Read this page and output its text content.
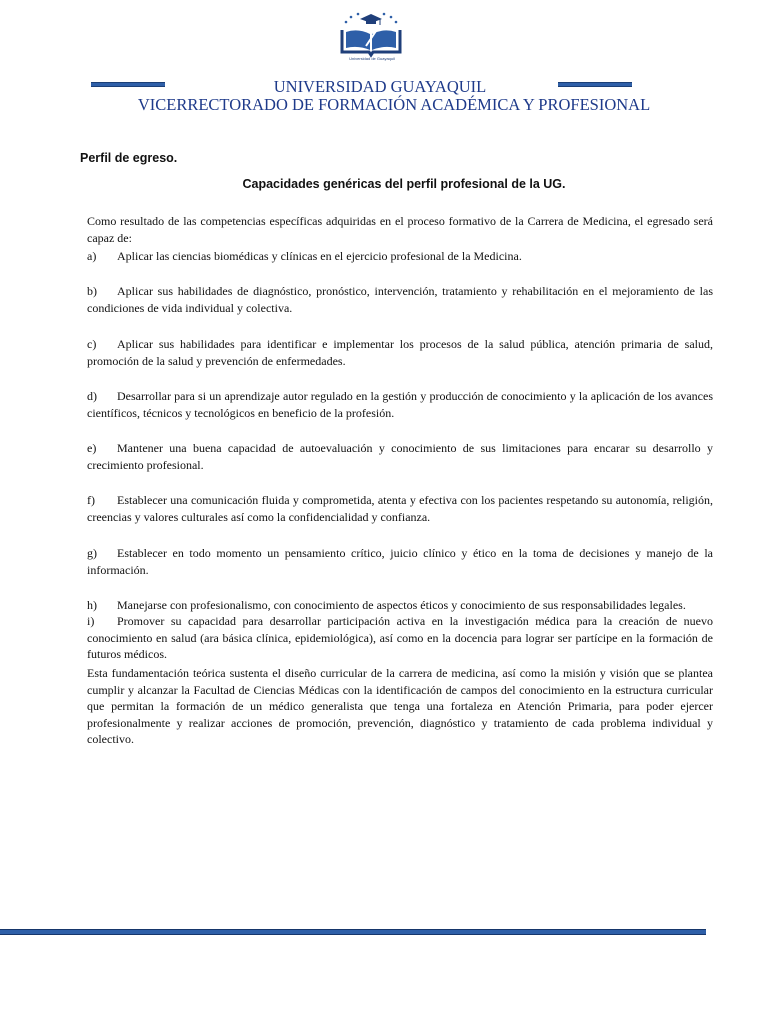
Universidad de Guayaquil
UNIVERSIDAD GUAYAQUIL
VICERRECTORADO DE FORMACIÓN ACADÉMICA Y PROFESIONAL
Perfil de egreso.
Capacidades genéricas del perfil profesional de la UG.
Como resultado de las competencias específicas adquiridas en el proceso formativo de la Carrera de Medicina, el egresado será capaz de:
a) Aplicar las ciencias biomédicas y clínicas en el ejercicio profesional de la Medicina.
b) Aplicar sus habilidades de diagnóstico, pronóstico, intervención, tratamiento y rehabilitación en el mejoramiento de las condiciones de vida individual y colectiva.
c) Aplicar sus habilidades para identificar e implementar los procesos de la salud pública, atención primaria de salud, promoción de la salud y prevención de enfermedades.
d) Desarrollar para si un aprendizaje autor regulado en la gestión y producción de conocimiento y la aplicación de los avances científicos, técnicos y tecnológicos en beneficio de la profesión.
e) Mantener una buena capacidad de autoevaluación y conocimiento de sus limitaciones para encarar su desarrollo y crecimiento profesional.
f) Establecer una comunicación fluida y comprometida, atenta y efectiva con los pacientes respetando su autonomía, religión, creencias y valores culturales así como la confidencialidad y confianza.
g) Establecer en todo momento un pensamiento crítico, juicio clínico y ético en la toma de decisiones y manejo de la información.
h) Manejarse con profesionalismo, con conocimiento de aspectos éticos y conocimiento de sus responsabilidades legales.
i) Promover su capacidad para desarrollar participación activa en la investigación médica para la creación de nuevo conocimiento en salud (ara básica clínica, epidemiológica), así como en la docencia para lograr ser partícipe en la formación de futuros médicos.
Esta fundamentación teórica sustenta el diseño curricular de la carrera de medicina, así como la misión y visión que se plantea cumplir y alcanzar la Facultad de Ciencias Médicas con la identificación de campos del conocimiento en la estructura curricular que permitan la formación de un médico generalista que tenga una fortaleza en Atención Primaria, para poder ejercer profesionalmente y realizar acciones de promoción, prevención, diagnóstico y tratamiento de cada problema individual y colectivo.
